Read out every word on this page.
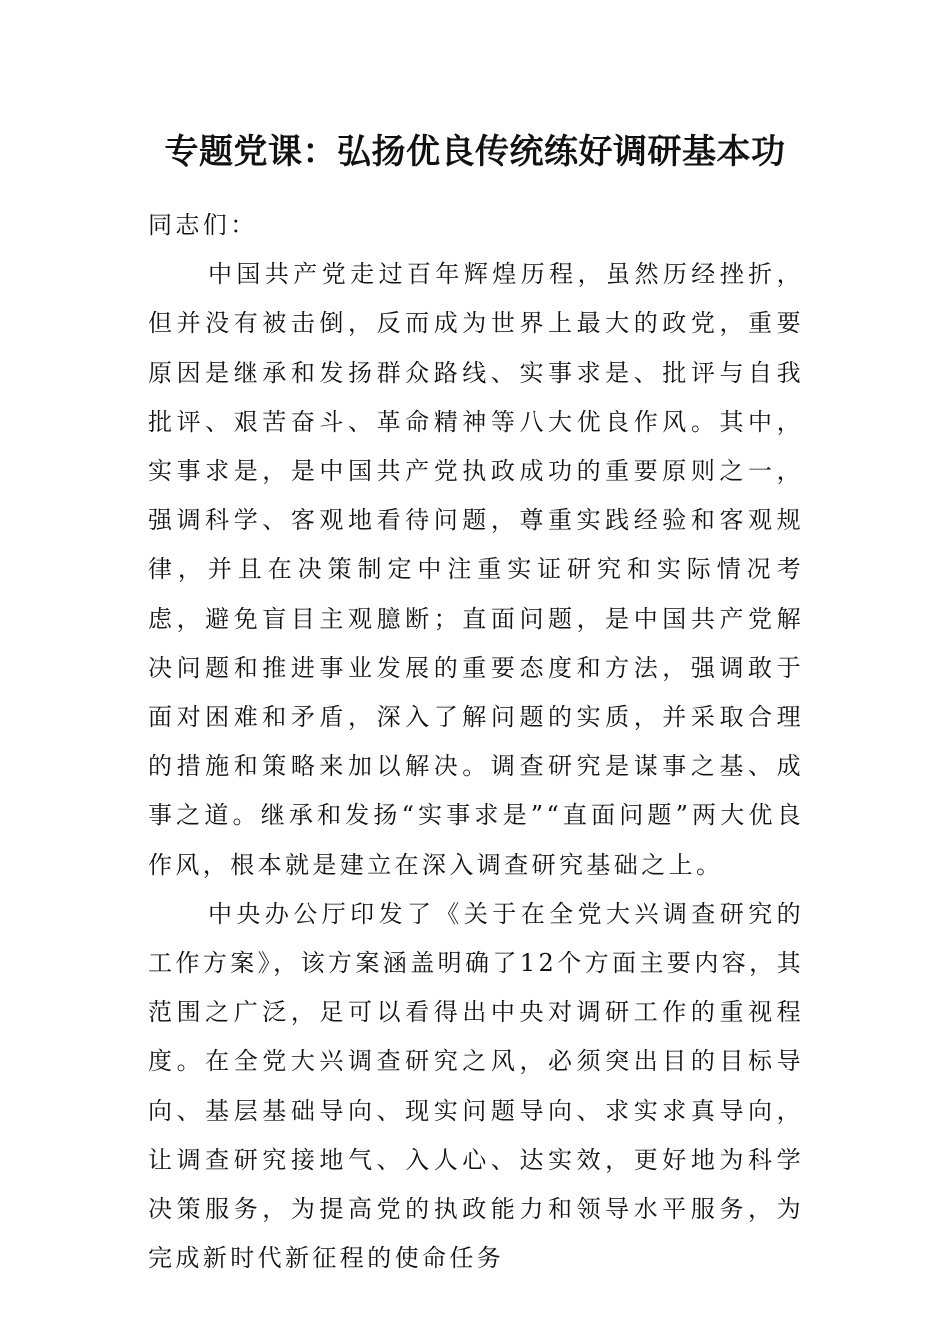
专题党课：弘扬优良传统练好调研基本功

同志们：

中国共产党走过百年辉煌历程，虽然历经挫折，但并没有被击倒，反而成为世界上最大的政党，重要原因是继承和发扬群众路线、实事求是、批评与自我批评、艰苦奋斗、革命精神等八大优良作风。其中，实事求是，是中国共产党执政成功的重要原则之一，强调科学、客观地看待问题，尊重实践经验和客观规律，并且在决策制定中注重实证研究和实际情况考虑，避免盲目主观臆断；直面问题，是中国共产党解决问题和推进事业发展的重要态度和方法，强调敢于面对困难和矛盾，深入了解问题的实质，并采取合理的措施和策略来加以解决。调查研究是谋事之基、成事之道。继承和发扬“实事求是”“直面问题”两大优良作风，根本就是建立在深入调查研究基础之上。

中央办公厅印发了《关于在全党大兴调查研究的工作方案》，该方案涵盖明确了12个方面主要内容，其范围之广泛，足可以看得出中央对调研工作的重视程度。在全党大兴调查研究之风，必须突出目的目标导向、基层基础导向、现实问题导向、求实求真导向，让调查研究接地气、入人心、达实效，更好地为科学决策服务，为提高党的执政能力和领导水平服务，为完成新时代新征程的使命任务
